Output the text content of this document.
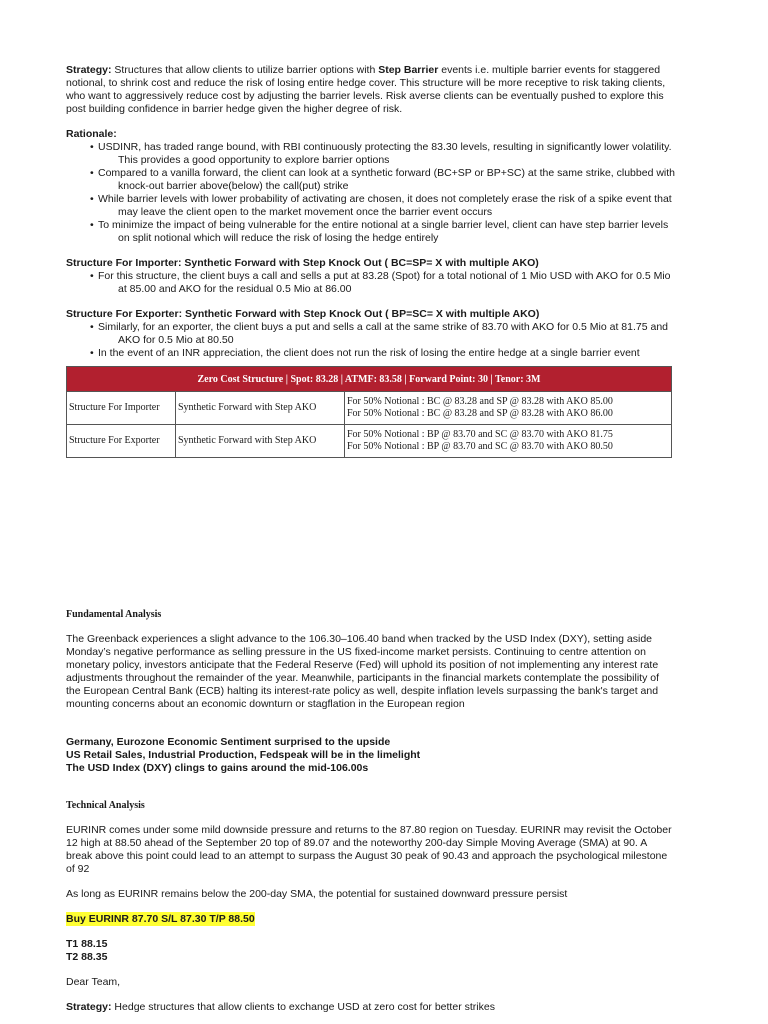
Strategy: Structures that allow clients to utilize barrier options with Step Barrier events i.e. multiple barrier events for staggered

notional, to shrink cost and reduce the risk of losing entire hedge cover. This structure will be more receptive to risk taking clients,

who want to aggressively reduce cost by adjusting the barrier levels. Risk averse clients can be eventually pushed to explore this

post building confidence in barrier hedge given the higher degree of risk.

Rationale:

• USDINR, has traded range bound, with RBI continuously protecting the 83.30 levels, resulting in significantly lower volatility.
This provides a good opportunity to explore barrier options
• Compared to a vanilla forward, the client can look at a synthetic forward (BC+SP or BP+SC) at the same strike, clubbed with
knock-out barrier above(below) the call(put) strike
• While barrier levels with lower probability of activating are chosen, it does not completely erase the risk of a spike event that
may leave the client open to the market movement once the barrier event occurs
• To minimize the impact of being vulnerable for the entire notional at a single barrier level, client can have step barrier levels
on split notional which will reduce the risk of losing the hedge entirely

Structure For Importer: Synthetic Forward with Step Knock Out ( BC=SP= X with multiple AKO)

• For this structure, the client buys a call and sells a put at 83.28 (Spot) for a total notional of 1 Mio USD with AKO for 0.5 Mio
at 85.00 and AKO for the residual 0.5 Mio at 86.00

Structure For Exporter: Synthetic Forward with Step Knock Out ( BP=SC= X with multiple AKO)

• Similarly, for an exporter, the client buys a put and sells a call at the same strike of 83.70 with AKO for 0.5 Mio at 81.75 and
AKO for 0.5 Mio at 80.50
• In the event of an INR appreciation, the client does not run the risk of losing the entire hedge at a single barrier event
Zero Cost Structure | Spot: 83.28 | ATMF: 83.58 | Forward Point: 30 | Tenor: 3M		
Structure For Importer	Synthetic Forward with Step AKO	For 50% Notional : BC @ 83.28 and SP @ 83.28 with AKO 85.00
For 50% Notional : BC @ 83.28 and SP @ 83.28 with AKO 86.00
Structure For Exporter	Synthetic Forward with Step AKO	For 50% Notional : BP @ 83.70 and SC @ 83.70 with AKO 81.75
For 50% Notional : BP @ 83.70 and SC @ 83.70 with AKO 80.50

Fundamental Analysis

The Greenback experiences a slight advance to the 106.30–106.40 band when tracked by the USD Index (DXY), setting aside

Monday’s negative performance as selling pressure in the US fixed-income market persists. Continuing to centre attention on

monetary policy, investors anticipate that the Federal Reserve (Fed) will uphold its position of not implementing any interest rate

adjustments throughout the remainder of the year. Meanwhile, participants in the financial markets contemplate the possibility of

the European Central Bank (ECB) halting its interest-rate policy as well, despite inflation levels surpassing the bank's target and

mounting concerns about an economic downturn or stagflation in the European region

Germany, Eurozone Economic Sentiment surprised to the upside

US Retail Sales, Industrial Production, Fedspeak will be in the limelight

The USD Index (DXY) clings to gains around the mid-106.00s

Technical Analysis

EURINR comes under some mild downside pressure and returns to the 87.80 region on Tuesday. EURINR may revisit the October

12 high at 88.50 ahead of the September 20 top of 89.07 and the noteworthy 200-day Simple Moving Average (SMA) at 90. A

break above this point could lead to an attempt to surpass the August 30 peak of 90.43 and approach the psychological milestone

of 92

As long as EURINR remains below the 200-day SMA, the potential for sustained downward pressure persist

Buy EURINR 87.70 S/L 87.30 T/P 88.50

T1 88.15

T2 88.35

Dear Team,

Strategy: Hedge structures that allow clients to exchange USD at zero cost for better strikes
